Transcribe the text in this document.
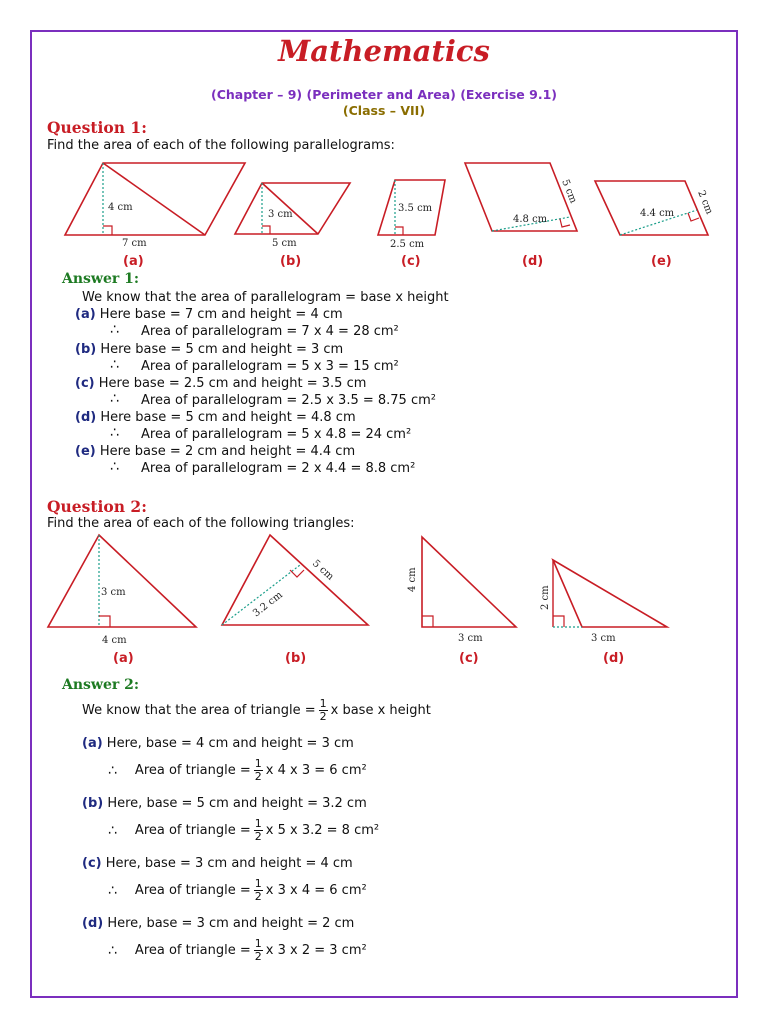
Mathematics
(Chapter – 9) (Perimeter and Area) (Exercise 9.1)
(Class – VII)
Question 1:
Find the area of each of the following parallelograms:
4 cm
7 cm
3 cm
5 cm
3.5 cm
2.5 cm
4.8 cm
5 cm
4.4 cm 2 cm
(a)	(b)	(c)	(d)	(e)
Answer 1:
We know that the area of parallelogram = base x height
(a) Here base = 7 cm and height = 4 cm
∴ Area of parallelogram = 7 x 4 = 28 cm²
(b) Here base = 5 cm and height = 3 cm
∴ Area of parallelogram = 5 x 3 = 15 cm²
(c) Here base = 2.5 cm and height = 3.5 cm
∴ Area of parallelogram = 2.5 x 3.5 = 8.75 cm²
(d) Here base = 5 cm and height = 4.8 cm
∴ Area of parallelogram = 5 x 4.8 = 24 cm²
(e) Here base = 2 cm and height = 4.4 cm
∴ Area of parallelogram = 2 x 4.4 = 8.8 cm²
Question 2:
Find the area of each of the following triangles:
3 cm
4 cm
5 cm
3.2 cm
4 cm
3 cm
2 cm
3 cm
(a)	(b)	(c)	(d)
Answer 2:
We know that the area of triangle = $\frac{1}{2}$ x base x height
(a) Here, base = 4 cm and height = 3 cm
∴ Area of triangle = $\frac{1}{2}$ x 4 x 3 = 6 cm²
(b) Here, base = 5 cm and height = 3.2 cm
∴ Area of triangle = $\frac{1}{2}$ x 5 x 3.2 = 8 cm²
(c) Here, base = 3 cm and height = 4 cm
∴ Area of triangle = $\frac{1}{2}$ x 3 x 4 = 6 cm²
(d) Here, base = 3 cm and height = 2 cm
∴ Area of triangle = $\frac{1}{2}$ x 3 x 2 = 3 cm²
